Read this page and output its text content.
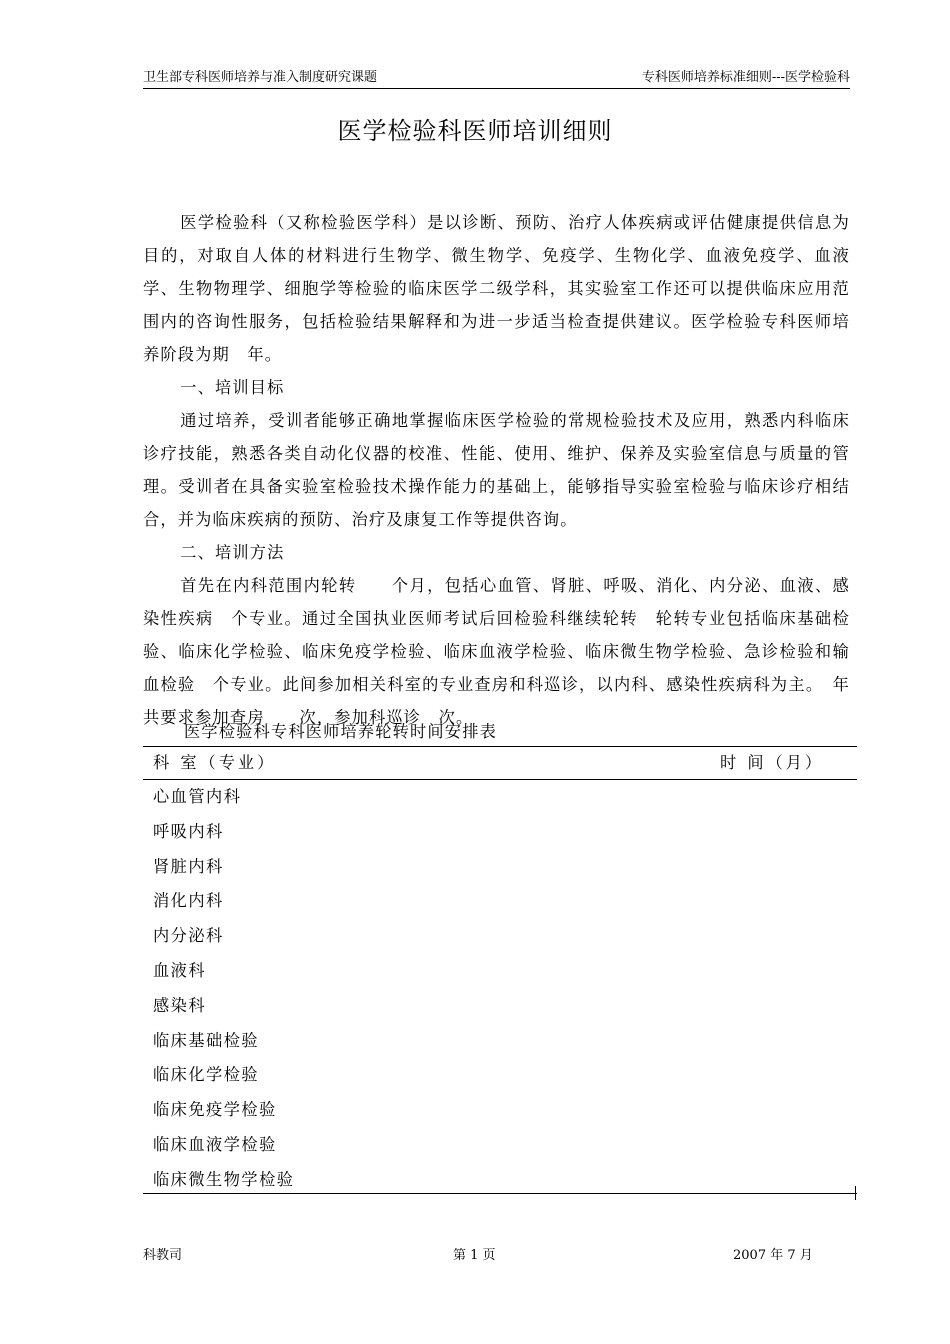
卫生部专科医师培养与准入制度研究课题	专科医师培养标准细则---医学检验科
医学检验科医师培训细则

医学检验科（又称检验医学科）是以诊断、预防、治疗人体疾病或评估健康提供信息为目的，对取自人体的材料进行生物学、微生物学、免疫学、生物化学、血液免疫学、血液学、生物物理学、细胞学等检验的临床医学二级学科，其实验室工作还可以提供临床应用范围内的咨询性服务，包括检验结果解释和为进一步适当检查提供建议。医学检验专科医师培养阶段为期　年。

一、培训目标

通过培养，受训者能够正确地掌握临床医学检验的常规检验技术及应用，熟悉内科临床诊疗技能，熟悉各类自动化仪器的校准、性能、使用、维护、保养及实验室信息与质量的管理。受训者在具备实验室检验技术操作能力的基础上，能够指导实验室检验与临床诊疗相结合，并为临床疾病的预防、治疗及康复工作等提供咨询。

二、培训方法

首先在内科范围内轮转　　个月，包括心血管、肾脏、呼吸、消化、内分泌、血液、感染性疾病　个专业。通过全国执业医师考试后回检验科继续轮转　轮转专业包括临床基础检验、临床化学检验、临床免疫学检验、临床血液学检验、临床微生物学检验、急诊检验和输血检验　个专业。此间参加相关科室的专业查房和科巡诊，以内科、感染性疾病科为主。　年共要求参加查房　　次，参加科巡诊　次。

医学检验科专科医师培养轮转时间安排表
科 室（专业）	时 间（月）
心血管内科
呼吸内科
肾脏内科
消化内科
内分泌科
血液科
感染科
临床基础检验
临床化学检验
临床免疫学检验
临床血液学检验
临床微生物学检验
科教司	第 1 页	2007 年 7 月
